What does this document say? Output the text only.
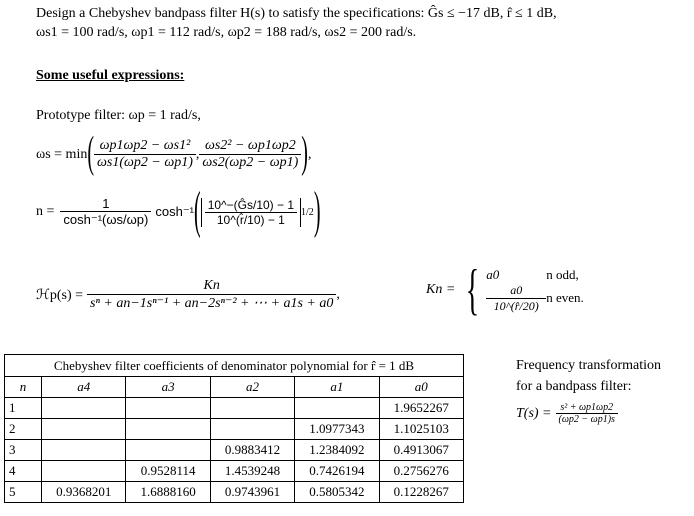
Design a Chebyshev bandpass filter H(s) to satisfy the specifications: Ĝs ≤ −17 dB, r̂ ≤ 1 dB,
ωs1 = 100 rad/s, ωp1 = 112 rad/s, ωp2 = 188 rad/s, ωs2 = 200 rad/s.
Some useful expressions:
Prototype filter: ωp = 1 rad/s,
ωs = min ( $\frac{\text{ωp1ωp2 − ωs1²}}{\omega s1(\omega p2 - \omega p1)}$ , $\frac{\text{ωs2² − ωp1ωp2}}{\omega s2(\omega p2 - \omega p1)}$ ) ,
$n = \frac{1}{\text{cosh⁻¹(ωs/ωp)}} \cosh^{-1}$ ( $\frac{10\^{}-(Ĝs/10) - 1}{10\^{}(r̂/10) - 1} 1/2$ )
ℋp(s) = $\frac{Kn}{\text{sⁿ + an−1sⁿ⁻¹ + an−2sⁿ⁻² + ⋯ + a1s + a0}}$ ,	Kn = { a0	n odd,
$\frac{a0}{10\^{}(r̂/20)}$ n even.
Chebyshev filter coefficients of denominator polynomial for r̂ = 1 dB					
n	a4	a3	a2	a1	a0
1					1.9652267
2				1.0977343	1.1025103
3			0.9883412	1.2384092	0.4913067
4		0.9528114	1.4539248	0.7426194	0.2756276
5	0.9368201	1.6888160	0.9743961	0.5805342	0.1228267
Frequency transformation
for a bandpass filter:
$T(s) = \frac{\text{s² + ωp1ωp2}}{(\omega p2 - \omega p1)s}$
